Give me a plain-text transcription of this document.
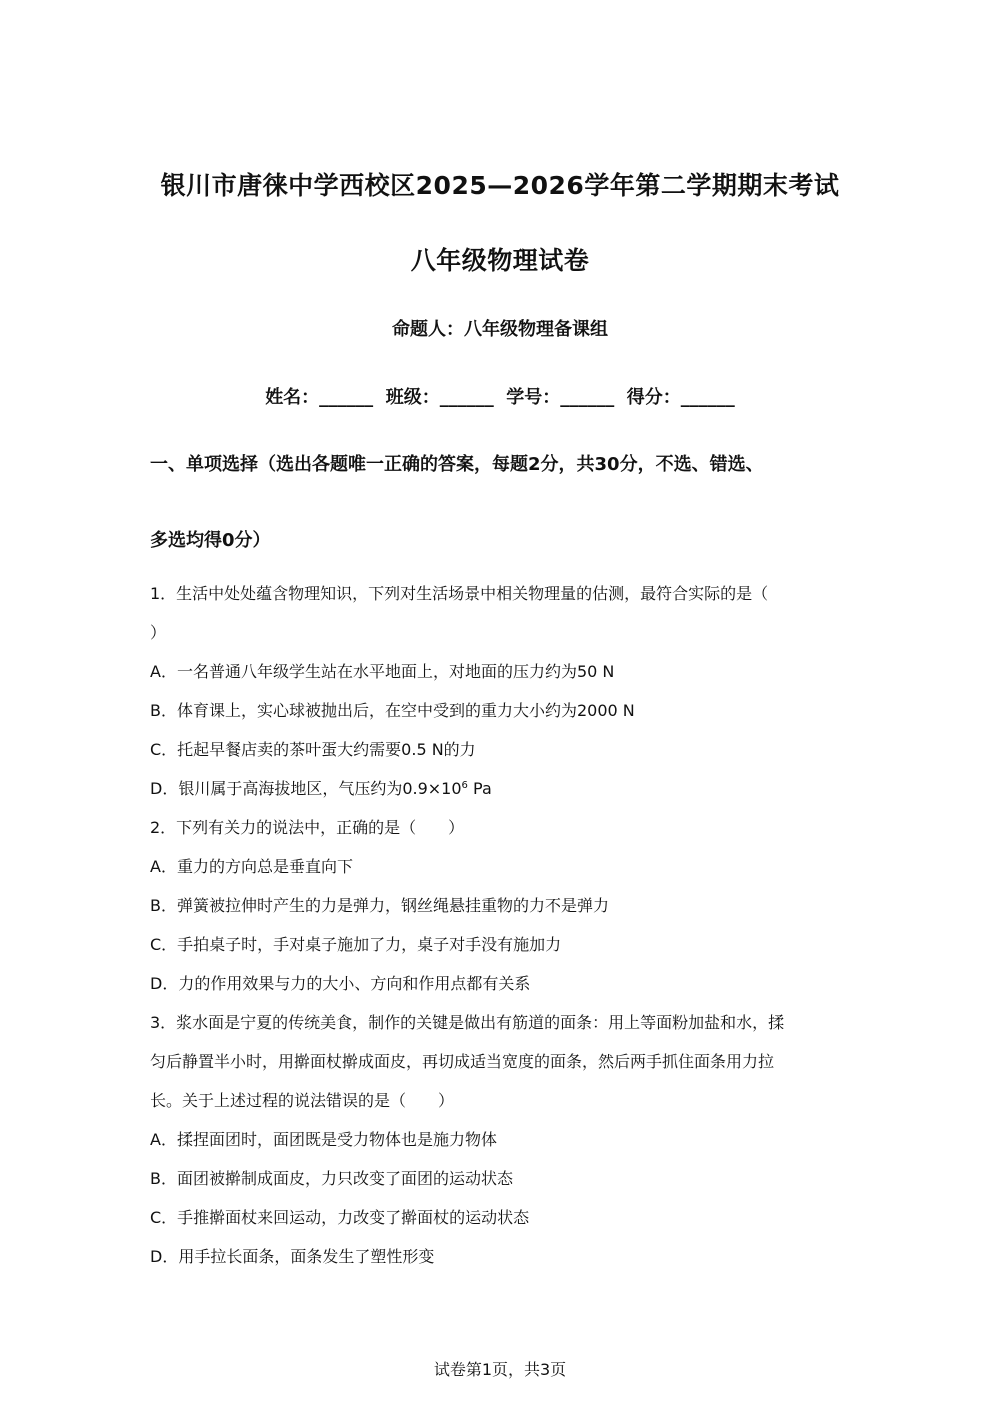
银川市唐徕中学西校区2025—2026学年第二学期期末考试
八年级物理试卷
命题人：八年级物理备课组
姓名：______  班级：______  学号：______  得分：______
一、单项选择（选出各题唯一正确的答案，每题2分，共30分，不选、错选、
多选均得0分）
1．生活中处处蕴含物理知识，下列对生活场景中相关物理量的估测，最符合实际的是（
）
A．一名普通八年级学生站在水平地面上，对地面的压力约为50 N
B．体育课上，实心球被抛出后，在空中受到的重力大小约为2000 N
C．托起早餐店卖的茶叶蛋大约需要0.5 N的力
D．银川属于高海拔地区，气压约为$0.9\times 10^6$ Pa
2．下列有关力的说法中，正确的是（　　）
A．重力的方向总是垂直向下
B．弹簧被拉伸时产生的力是弹力，钢丝绳悬挂重物的力不是弹力
C．手拍桌子时，手对桌子施加了力，桌子对手没有施加力
D．力的作用效果与力的大小、方向和作用点都有关系
3．浆水面是宁夏的传统美食，制作的关键是做出有筋道的面条：用上等面粉加盐和水，揉
匀后静置半小时，用擀面杖擀成面皮，再切成适当宽度的面条，然后两手抓住面条用力拉
长。关于上述过程的说法错误的是（　　）
A．揉捏面团时，面团既是受力物体也是施力物体
B．面团被擀制成面皮，力只改变了面团的运动状态
C．手推擀面杖来回运动，力改变了擀面杖的运动状态
D．用手拉长面条，面条发生了塑性形变
试卷第1页，共3页
